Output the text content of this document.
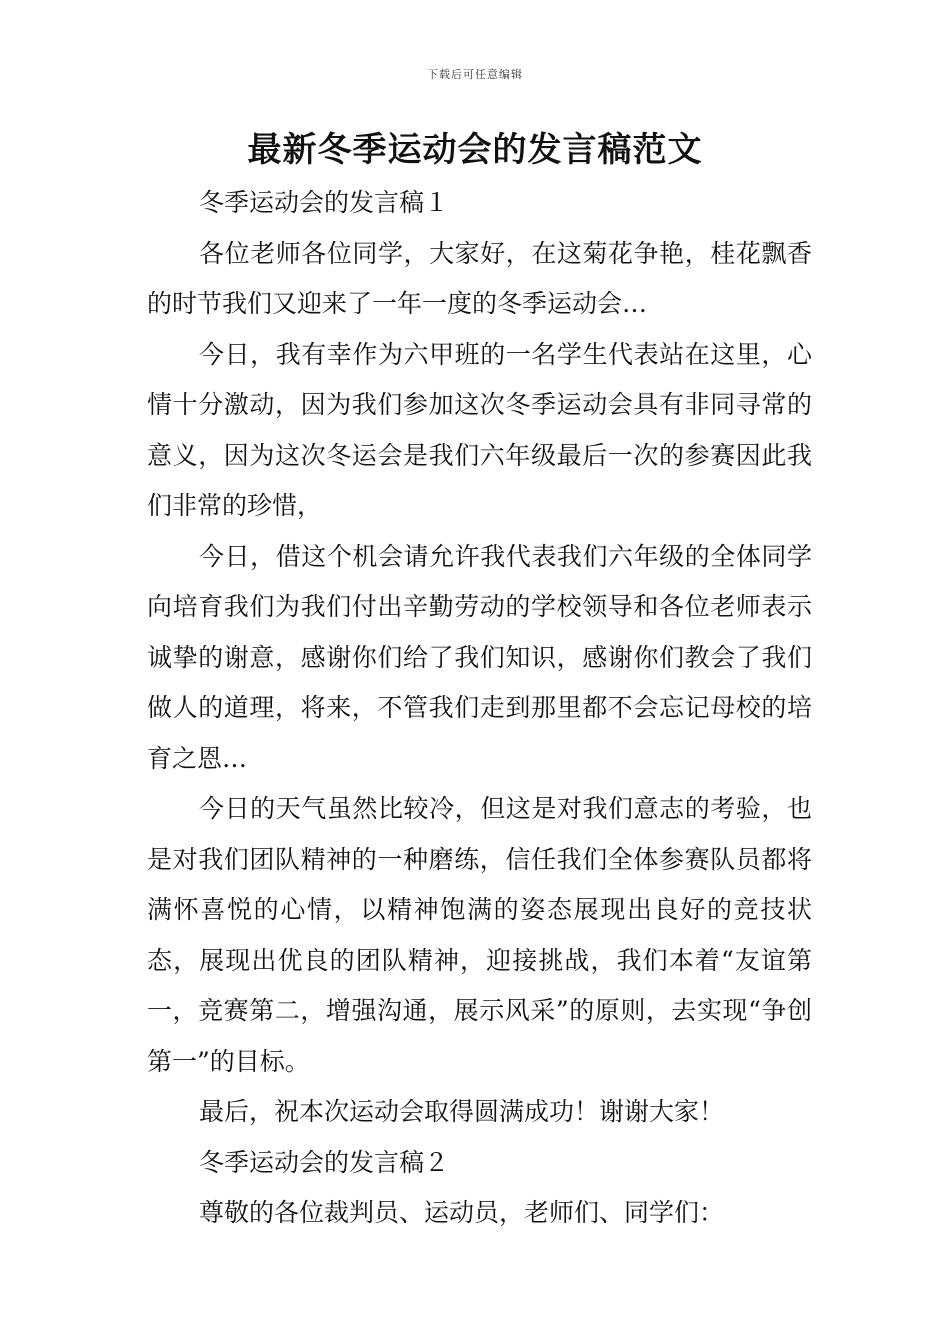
下载后可任意编辑
最新冬季运动会的发言稿范文

冬季运动会的发言稿１

各位老师各位同学，大家好，在这菊花争艳，桂花飘香的时节我们又迎来了一年一度的冬季运动会…

今日，我有幸作为六甲班的一名学生代表站在这里，心情十分激动，因为我们参加这次冬季运动会具有非同寻常的意义，因为这次冬运会是我们六年级最后一次的参赛因此我们非常的珍惜，

今日，借这个机会请允许我代表我们六年级的全体同学向培育我们为我们付出辛勤劳动的学校领导和各位老师表示诚挚的谢意，感谢你们给了我们知识，感谢你们教会了我们做人的道理，将来，不管我们走到那里都不会忘记母校的培育之恩…

今日的天气虽然比较冷，但这是对我们意志的考验，也是对我们团队精神的一种磨练，信任我们全体参赛队员都将满怀喜悦的心情，以精神饱满的姿态展现出良好的竞技状态，展现出优良的团队精神，迎接挑战，我们本着“友谊第一，竞赛第二，增强沟通，展示风采”的原则，去实现“争创第一”的目标。

最后，祝本次运动会取得圆满成功！谢谢大家！

冬季运动会的发言稿２

尊敬的各位裁判员、运动员，老师们、同学们：
